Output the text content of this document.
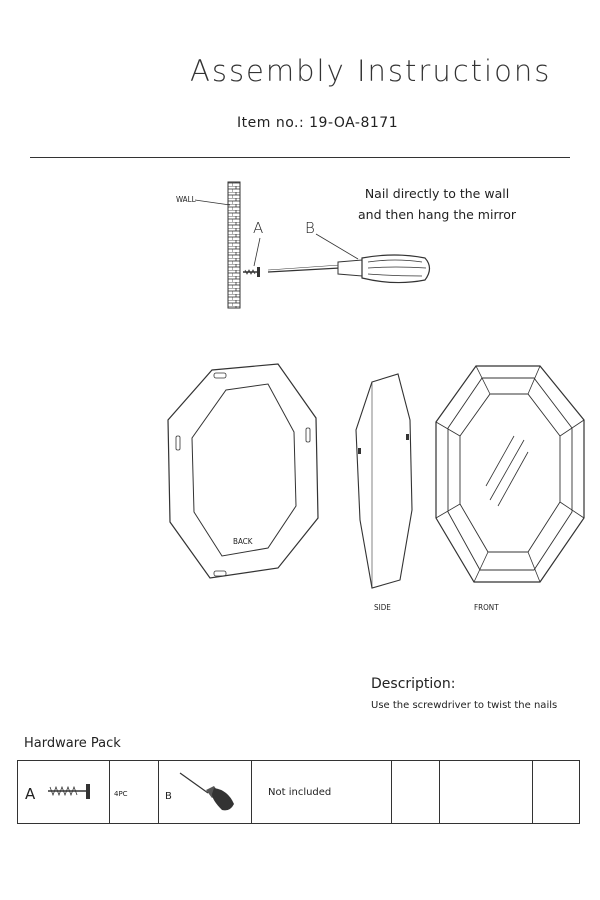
Assembly Instructions
Item no.: 19-OA-8171
Nail directly to the wall
and then hang the mirror
WALL
A	B
BACK
SIDE	FRONT
Description:
Use the screwdriver to twist the nails
Hardware Pack
A	4PC	B	Not included
